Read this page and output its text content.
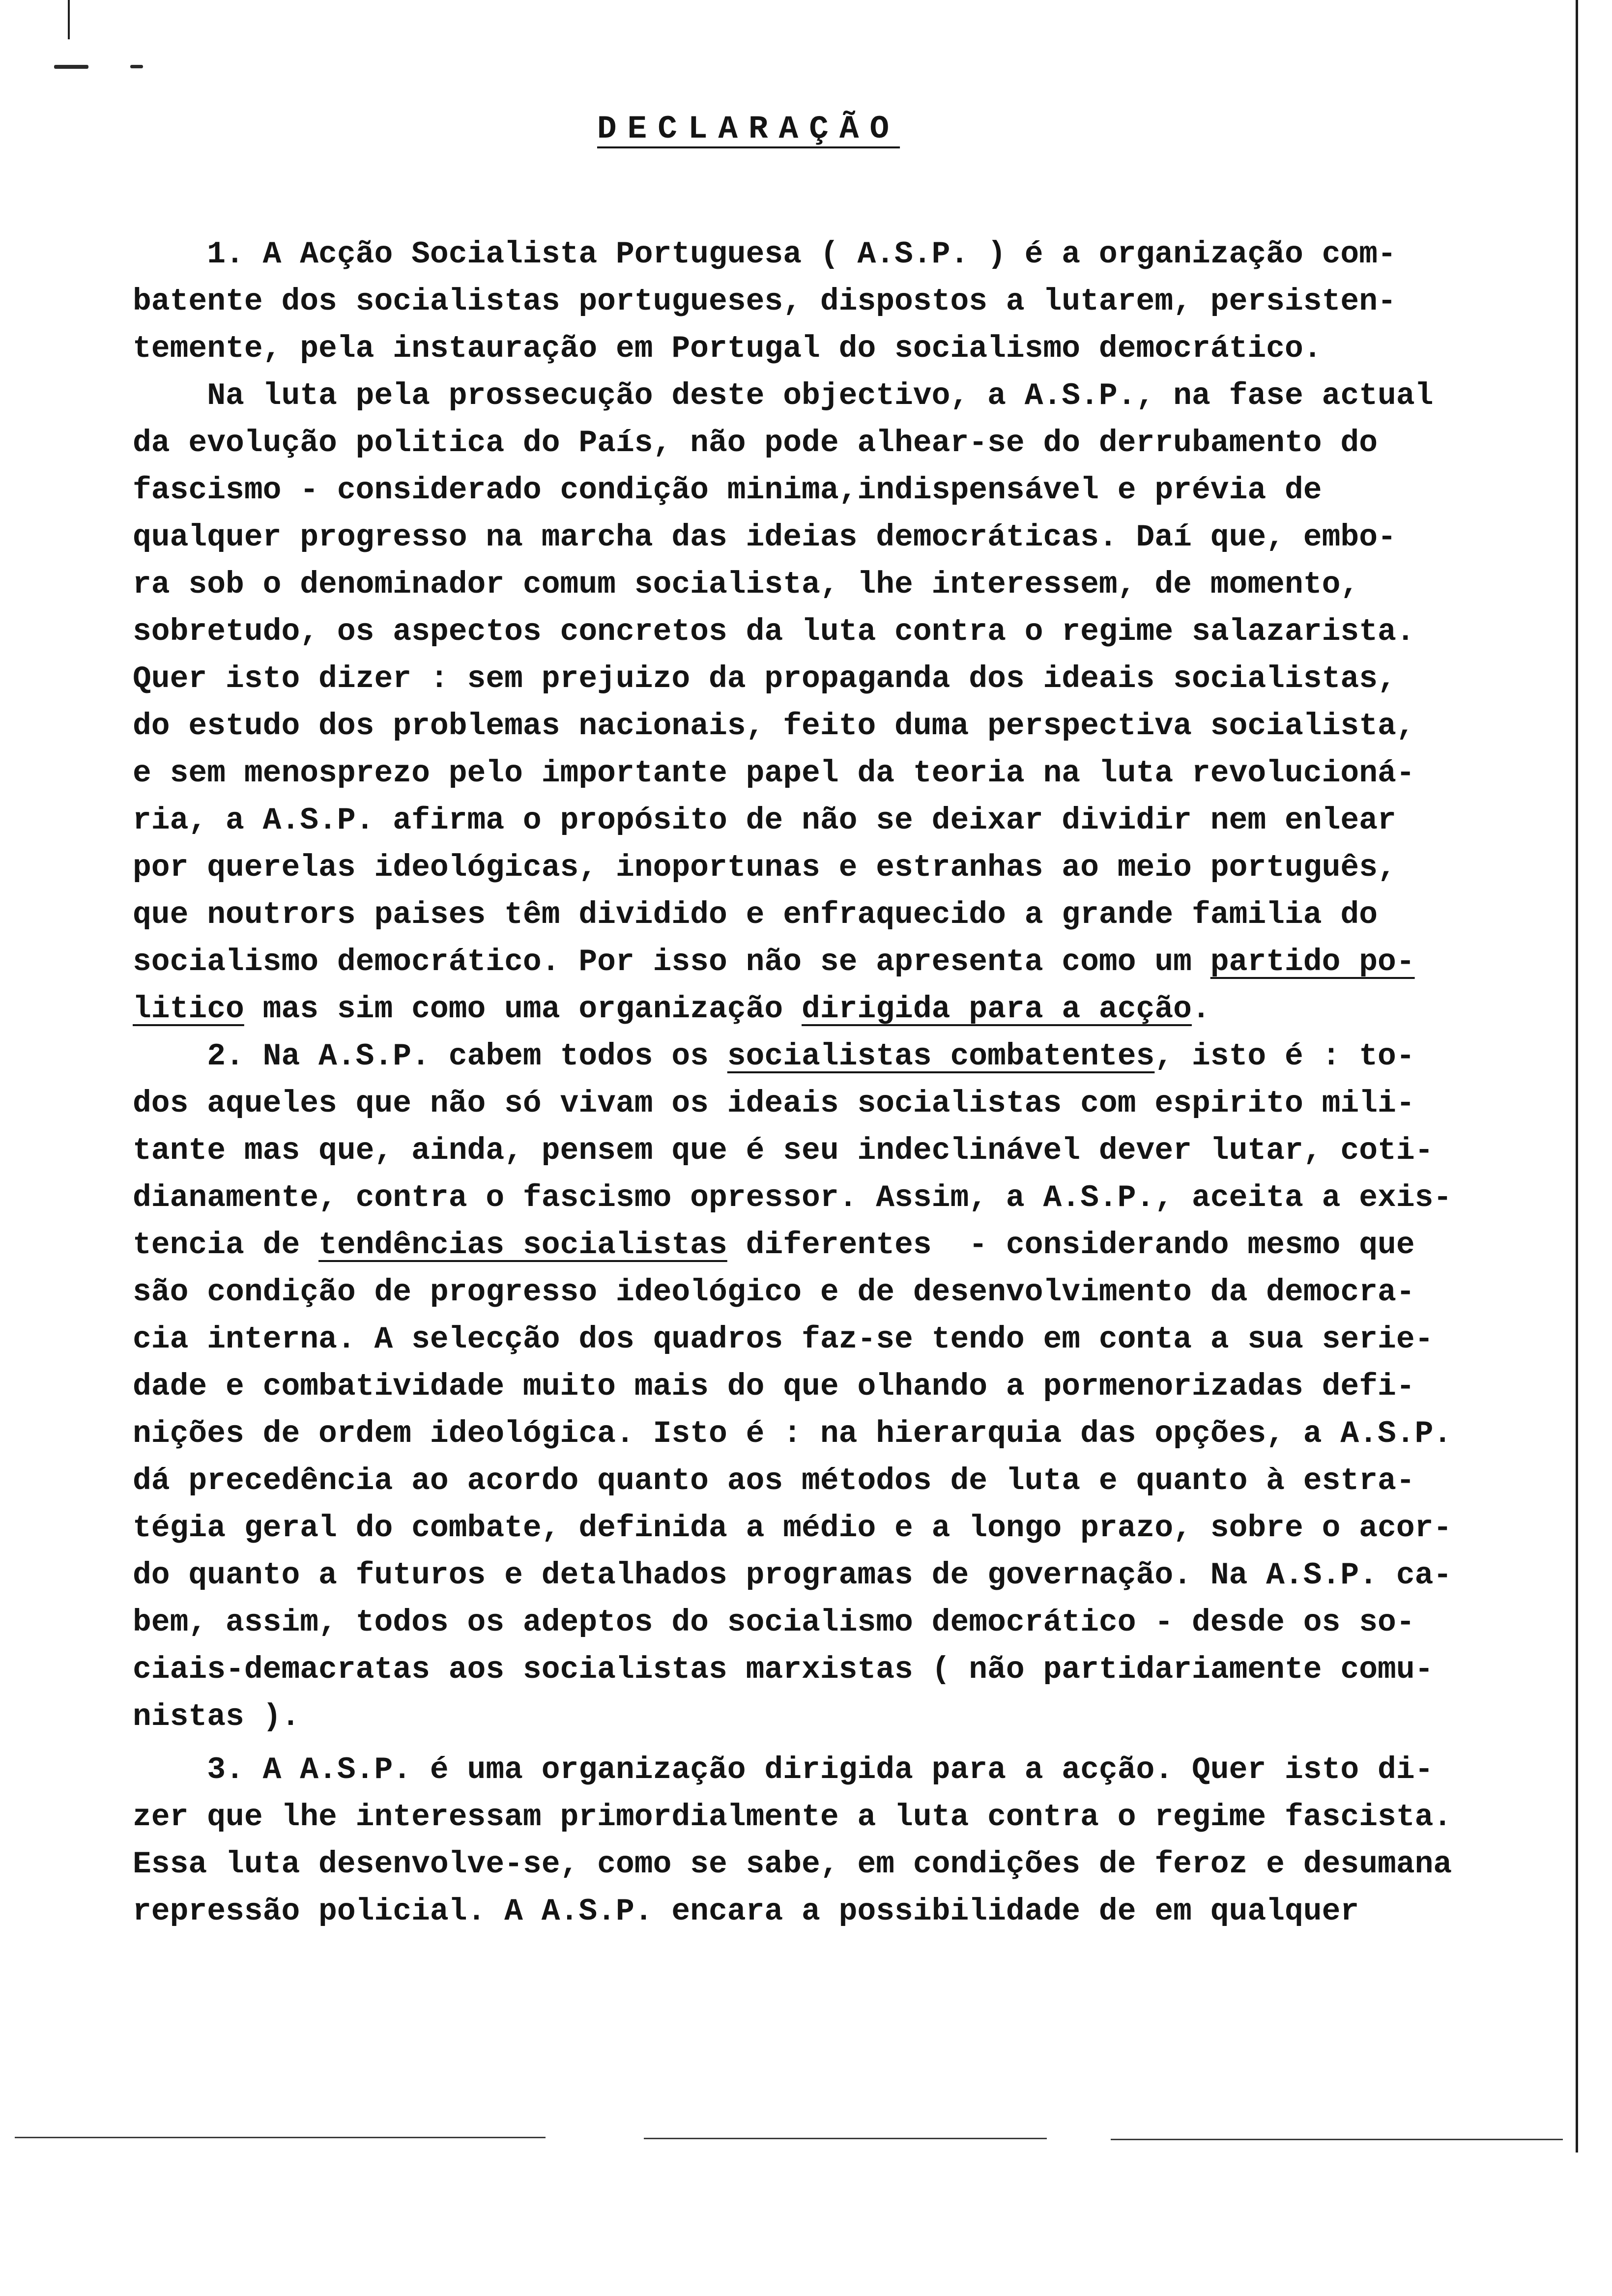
DECLARAÇÃO
1. A Acção Socialista Portuguesa ( A.S.P. ) é a organização com-
batente dos socialistas portugueses, dispostos a lutarem, persisten-
temente, pela instauração em Portugal do socialismo democrático.
Na luta pela prossecução deste objectivo, a A.S.P., na fase actual
da evolução politica do País, não pode alhear-se do derrubamento do
fascismo - considerado condição minima,indispensável e prévia de
qualquer progresso na marcha das ideias democráticas. Daí que, embo-
ra sob o denominador comum socialista, lhe interessem, de momento,
sobretudo, os aspectos concretos da luta contra o regime salazarista.
Quer isto dizer : sem prejuizo da propaganda dos ideais socialistas,
do estudo dos problemas nacionais, feito duma perspectiva socialista,
e sem menosprezo pelo importante papel da teoria na luta revolucioná-
ria, a A.S.P. afirma o propósito de não se deixar dividir nem enlear
por querelas ideológicas, inoportunas e estranhas ao meio português,
que noutrors paises têm dividido e enfraquecido a grande familia do
socialismo democrático. Por isso não se apresenta como um partido po-
litico mas sim como uma organização dirigida para a acção.
2. Na A.S.P. cabem todos os socialistas combatentes, isto é : to-
dos aqueles que não só vivam os ideais socialistas com espirito mili-
tante mas que, ainda, pensem que é seu indeclinável dever lutar, coti-
dianamente, contra o fascismo opressor. Assim, a A.S.P., aceita a exis-
tencia de tendências socialistas diferentes  - considerando mesmo que
são condição de progresso ideológico e de desenvolvimento da democra-
cia interna. A selecção dos quadros faz-se tendo em conta a sua serie-
dade e combatividade muito mais do que olhando a pormenorizadas defi-
nições de ordem ideológica. Isto é : na hierarquia das opções, a A.S.P.
dá precedência ao acordo quanto aos métodos de luta e quanto à estra-
tégia geral do combate, definida a médio e a longo prazo, sobre o acor-
do quanto a futuros e detalhados programas de governação. Na A.S.P. ca-
bem, assim, todos os adeptos do socialismo democrático - desde os so-
ciais-demacratas aos socialistas marxistas ( não partidariamente comu-
nistas ).
3. A A.S.P. é uma organização dirigida para a acção. Quer isto di-
zer que lhe interessam primordialmente a luta contra o regime fascista.
Essa luta desenvolve-se, como se sabe, em condições de feroz e desumana
repressão policial. A A.S.P. encara a possibilidade de em qualquer
